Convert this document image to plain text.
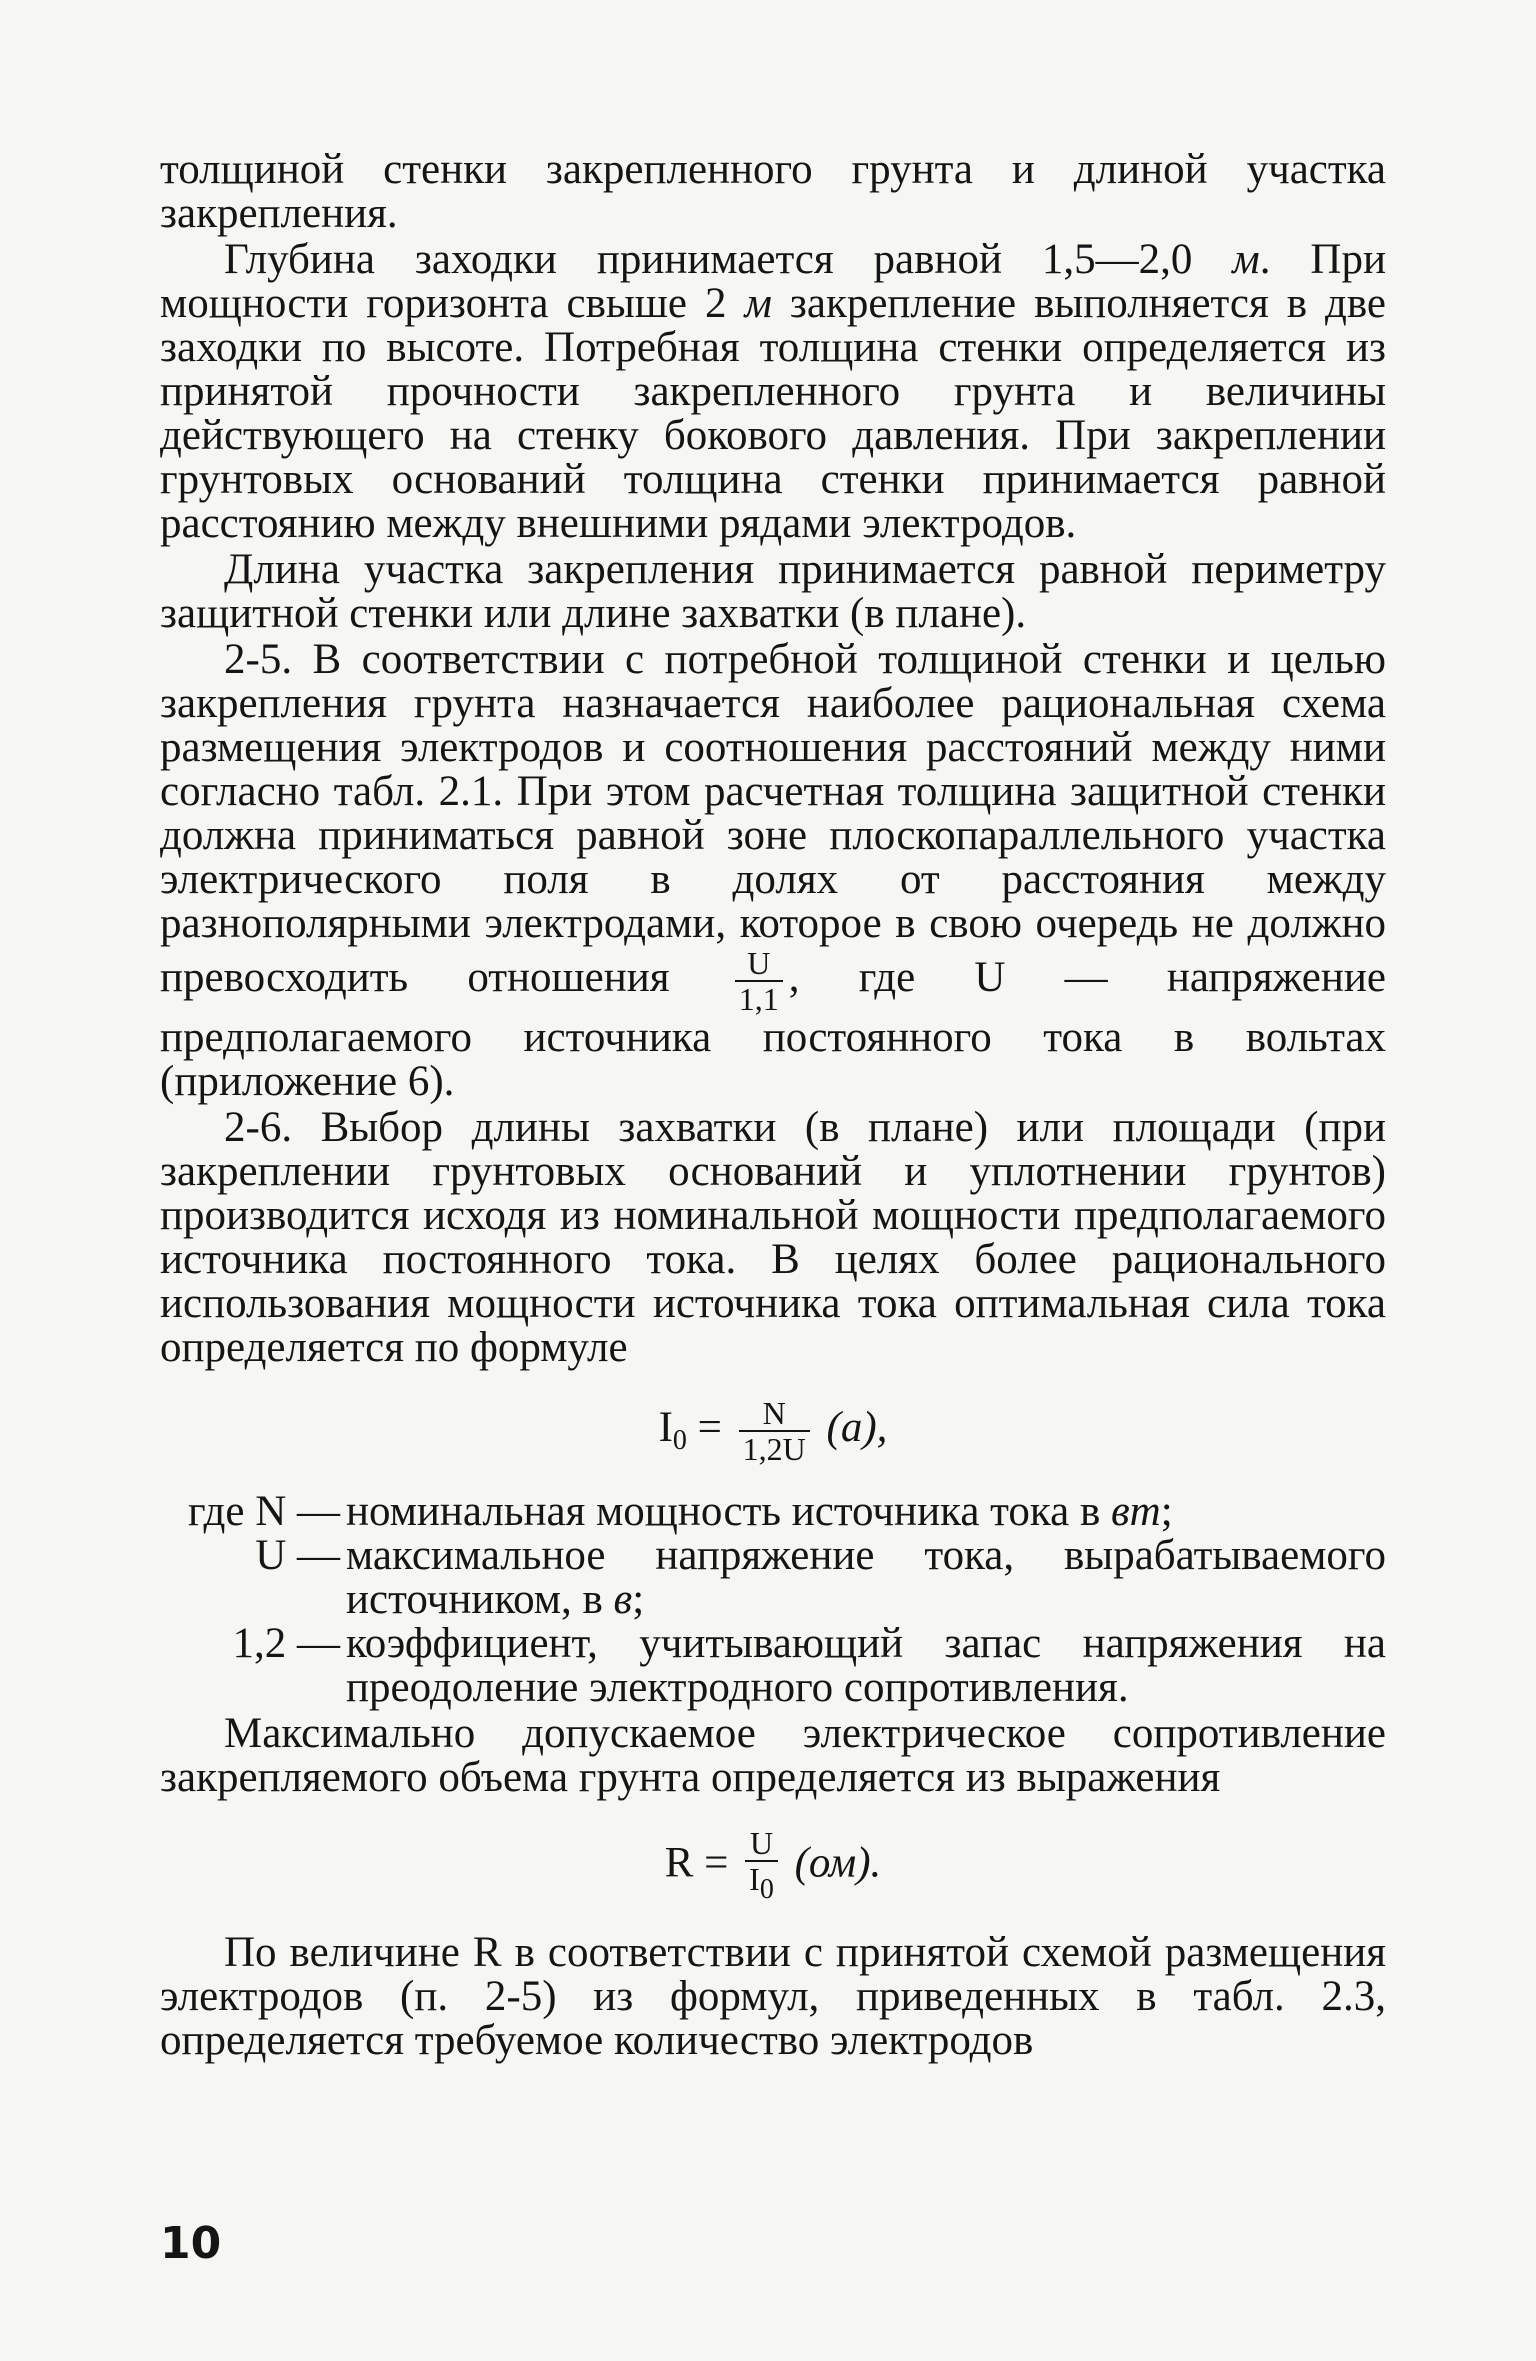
толщиной стенки закрепленного грунта и длиной участка закрепления.

Глубина заходки принимается равной 1,5—2,0 м. При мощности горизонта свыше 2 м закрепление выполняется в две заходки по высоте. Потребная толщина стенки определяется из принятой прочности закрепленного грунта и величины действующего на стенку бокового давления. При закреплении грунтовых оснований толщина стенки принимается равной расстоянию между внешними рядами электродов.

Длина участка закрепления принимается равной периметру защитной стенки или длине захватки (в плане).

2-5. В соответствии с потребной толщиной стенки и целью закрепления грунта назначается наиболее рациональная схема размещения электродов и соотношения расстояний между ними согласно табл. 2.1. При этом расчетная толщина защитной стенки должна приниматься равной зоне плоскопараллельного участка электрического поля в долях от расстояния между разнополярными электродами, которое в свою очередь не должно превосходить отношения $\frac{U}{1,1}$ , где U — напряжение предполагаемого источника постоянного тока в вольтах (приложение 6).

2-6. Выбор длины захватки (в плане) или площади (при закреплении грунтовых оснований и уплотнении грунтов) производится исходя из номинальной мощности предполагаемого источника постоянного тока. В целях более рационального использования мощности источника тока оптимальная сила тока определяется по формуле

$I_0 = \frac{N}{1,2U} (а)$,
где N — номинальная мощность источника тока в вт;
U — максимальное напряжение тока, вырабатываемого источником, в в;
1,2 — коэффициент, учитывающий запас напряжения на преодоление электродного сопротивления.

Максимально допускаемое электрическое сопротивление закрепляемого объема грунта определяется из выражения

$R = \frac{U}{I0} (ом)$.

По величине R в соответствии с принятой схемой размещения электродов (п. 2-5) из формул, приведенных в табл. 2.3, определяется требуемое количество электродов

10
